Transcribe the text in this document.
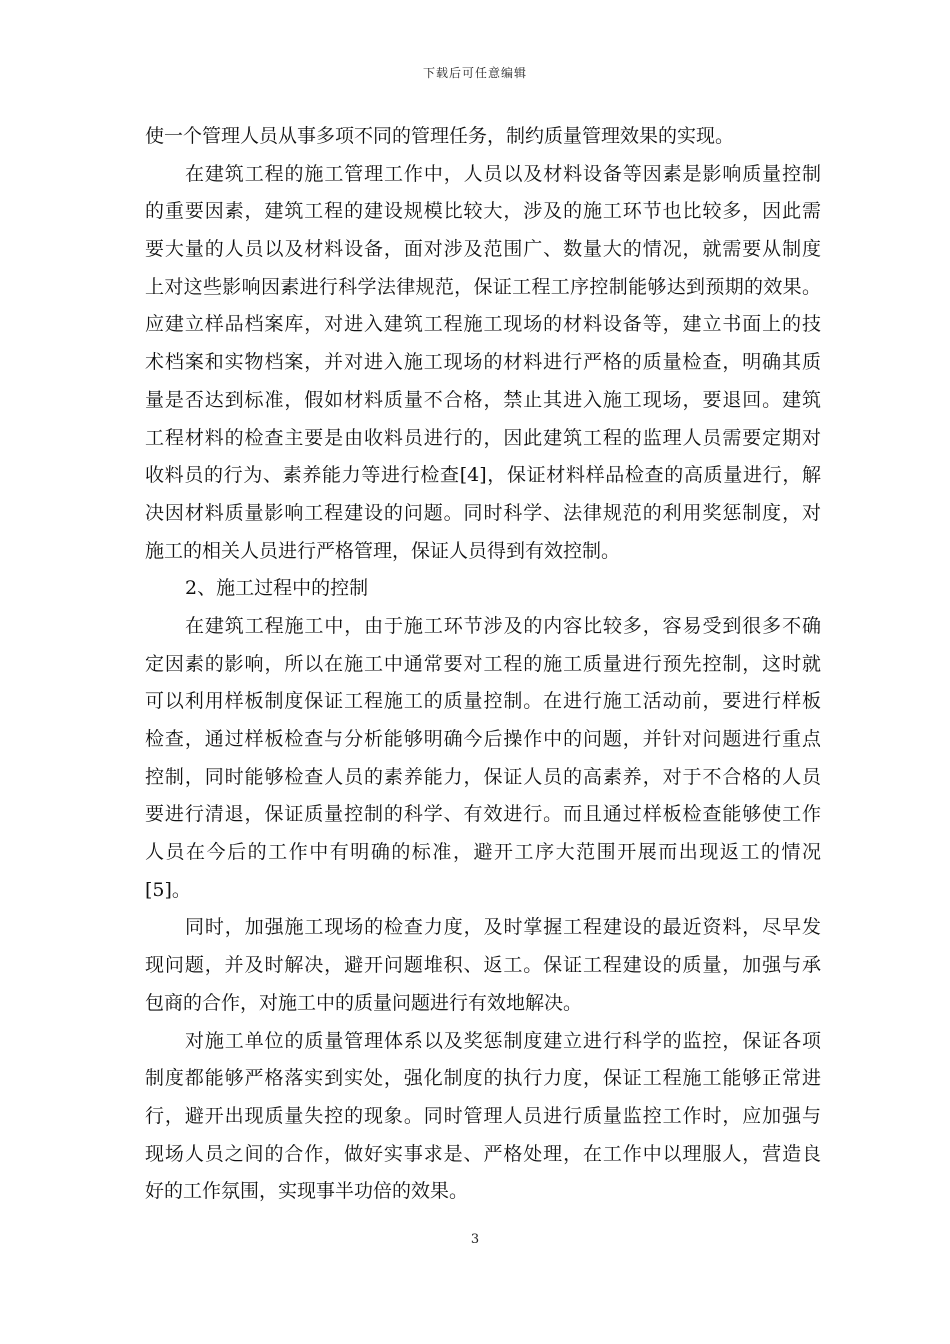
下载后可任意编辑
使一个管理人员从事多项不同的管理任务，制约质量管理效果的实现。
在建筑工程的施工管理工作中，人员以及材料设备等因素是影响质量控制
的重要因素，建筑工程的建设规模比较大，涉及的施工环节也比较多，因此需
要大量的人员以及材料设备，面对涉及范围广、数量大的情况，就需要从制度
上对这些影响因素进行科学法律规范，保证工程工序控制能够达到预期的效果。
应建立样品档案库，对进入建筑工程施工现场的材料设备等，建立书面上的技
术档案和实物档案，并对进入施工现场的材料进行严格的质量检查，明确其质
量是否达到标准，假如材料质量不合格，禁止其进入施工现场，要退回。建筑
工程材料的检查主要是由收料员进行的，因此建筑工程的监理人员需要定期对
收料员的行为、素养能力等进行检查[4]，保证材料样品检查的高质量进行，解
决因材料质量影响工程建设的问题。同时科学、法律规范的利用奖惩制度，对
施工的相关人员进行严格管理，保证人员得到有效控制。
2、施工过程中的控制
在建筑工程施工中，由于施工环节涉及的内容比较多，容易受到很多不确
定因素的影响，所以在施工中通常要对工程的施工质量进行预先控制，这时就
可以利用样板制度保证工程施工的质量控制。在进行施工活动前，要进行样板
检查，通过样板检查与分析能够明确今后操作中的问题，并针对问题进行重点
控制，同时能够检查人员的素养能力，保证人员的高素养，对于不合格的人员
要进行清退，保证质量控制的科学、有效进行。而且通过样板检查能够使工作
人员在今后的工作中有明确的标准，避开工序大范围开展而出现返工的情况
[5]。
同时，加强施工现场的检查力度，及时掌握工程建设的最近资料，尽早发
现问题，并及时解决，避开问题堆积、返工。保证工程建设的质量，加强与承
包商的合作，对施工中的质量问题进行有效地解决。
对施工单位的质量管理体系以及奖惩制度建立进行科学的监控，保证各项
制度都能够严格落实到实处，强化制度的执行力度，保证工程施工能够正常进
行，避开出现质量失控的现象。同时管理人员进行质量监控工作时，应加强与
现场人员之间的合作，做好实事求是、严格处理，在工作中以理服人，营造良
好的工作氛围，实现事半功倍的效果。
3
